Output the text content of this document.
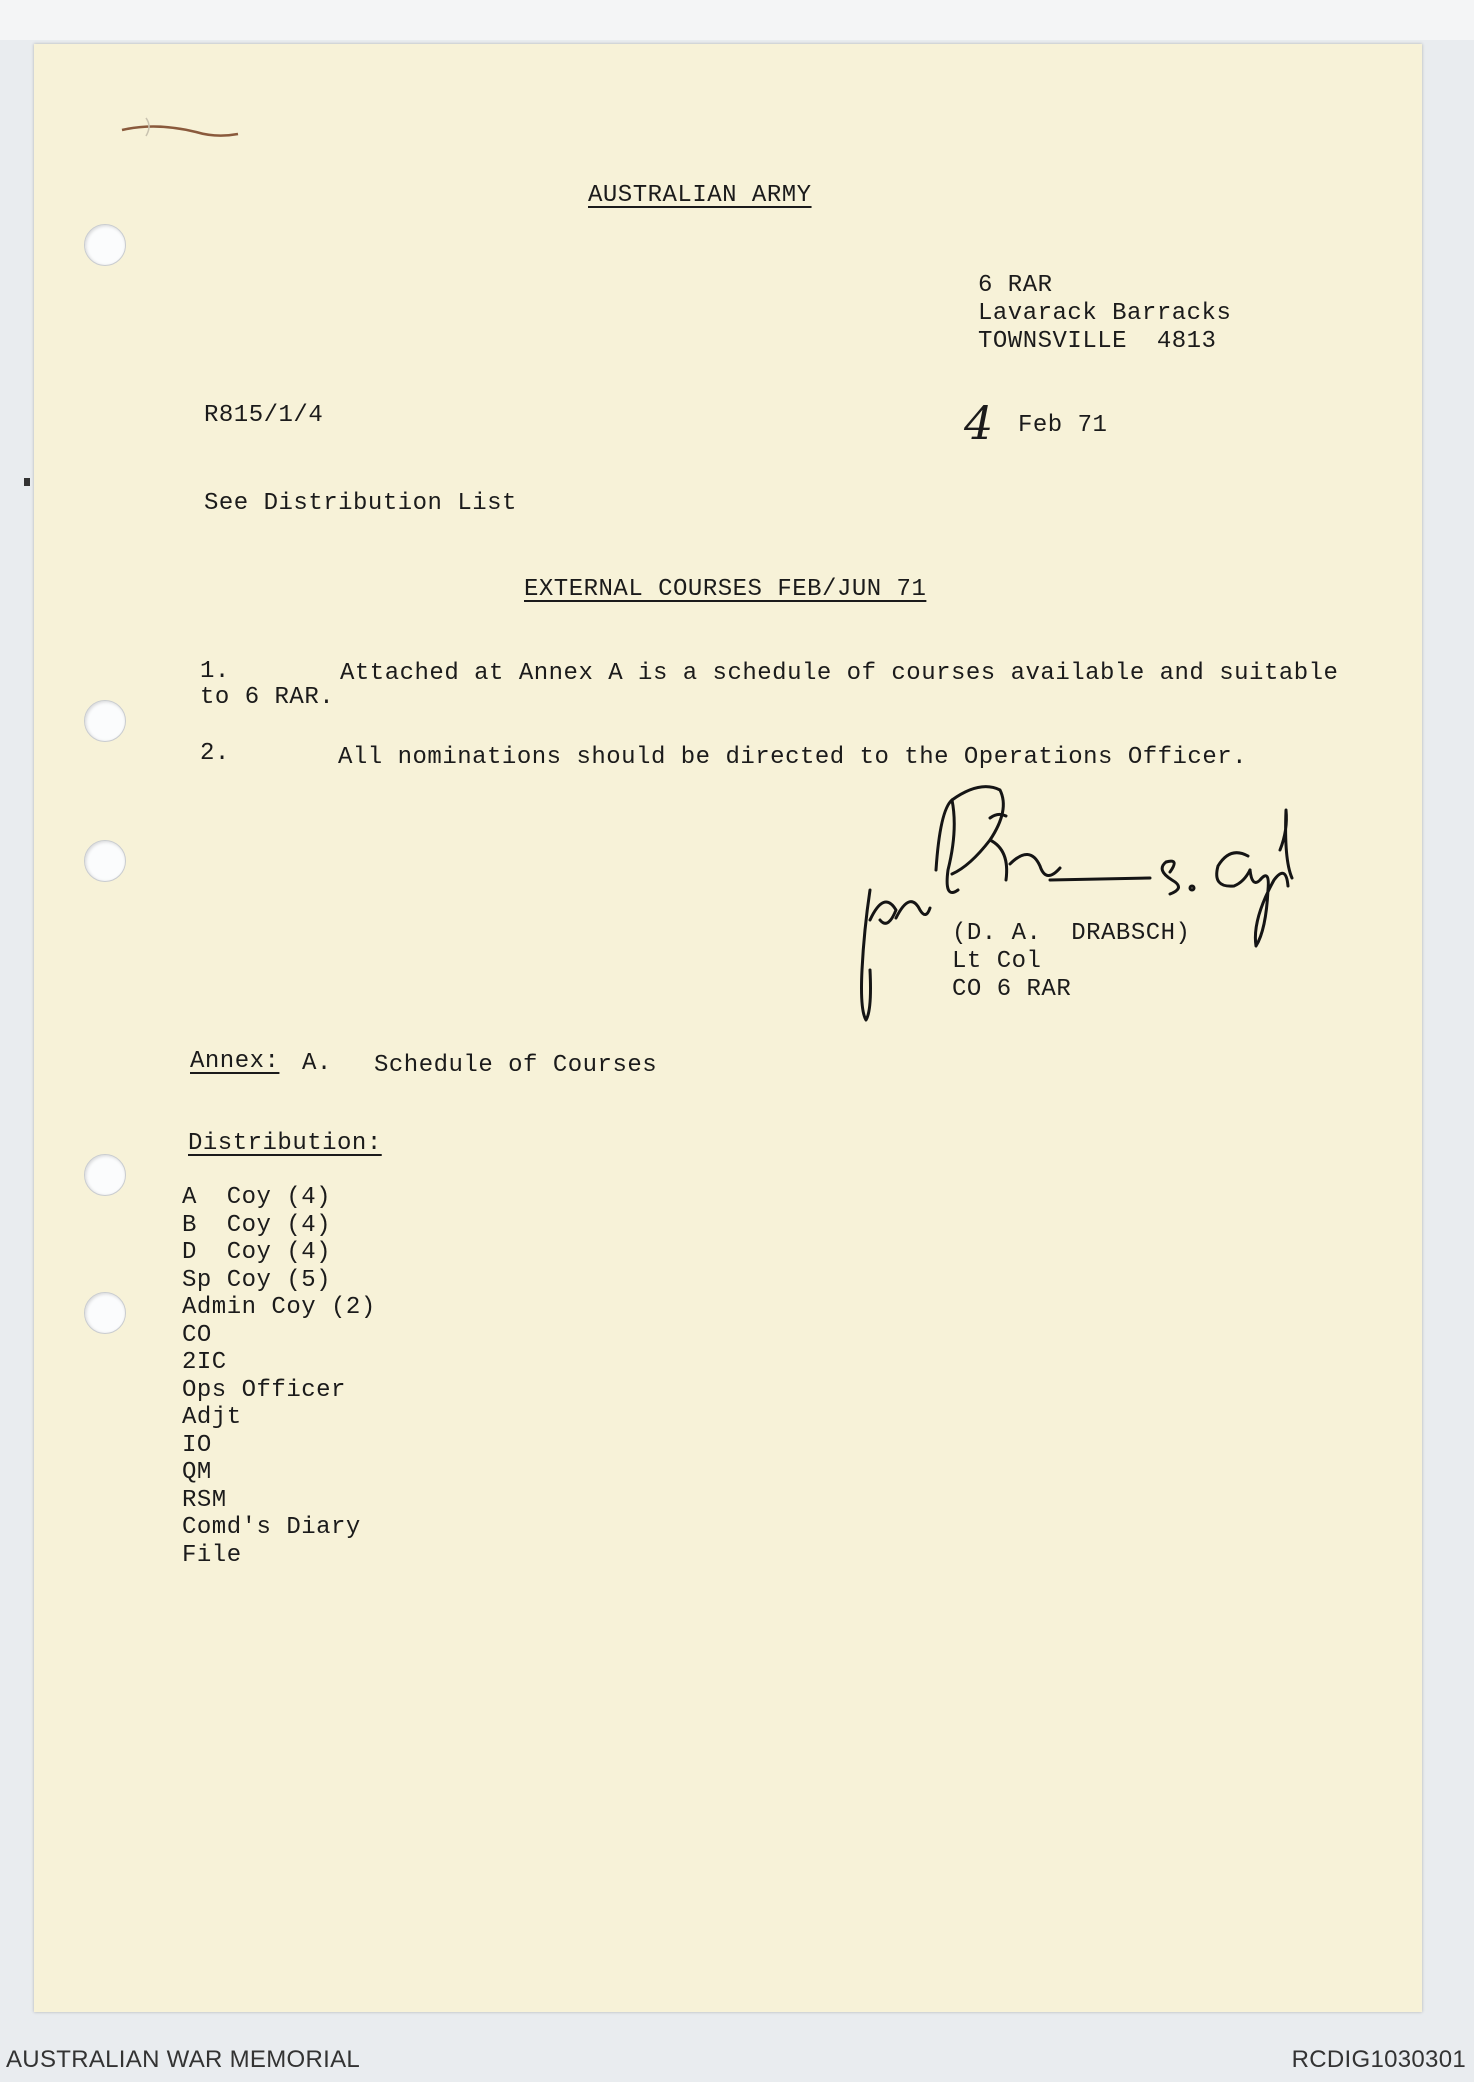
AUSTRALIAN ARMY
6 RAR
Lavarack Barracks
TOWNSVILLE  4813
R815/1/4	4 Feb 71
See Distribution List
EXTERNAL COURSES FEB/JUN 71
1.	Attached at Annex A is a schedule of courses available and suitable
to 6 RAR.
2.	All nominations should be directed to the Operations Officer.
(D. A.  DRABSCH)
Lt Col
CO 6 RAR
Annex: A. Schedule of Courses
Distribution:
A  Coy (4)
B  Coy (4)
D  Coy (4)
Sp Coy (5)
Admin Coy (2)
CO
2IC
Ops Officer
Adjt
IO
QM
RSM
Comd's Diary
File
AUSTRALIAN WAR MEMORIAL	RCDIG1030301
